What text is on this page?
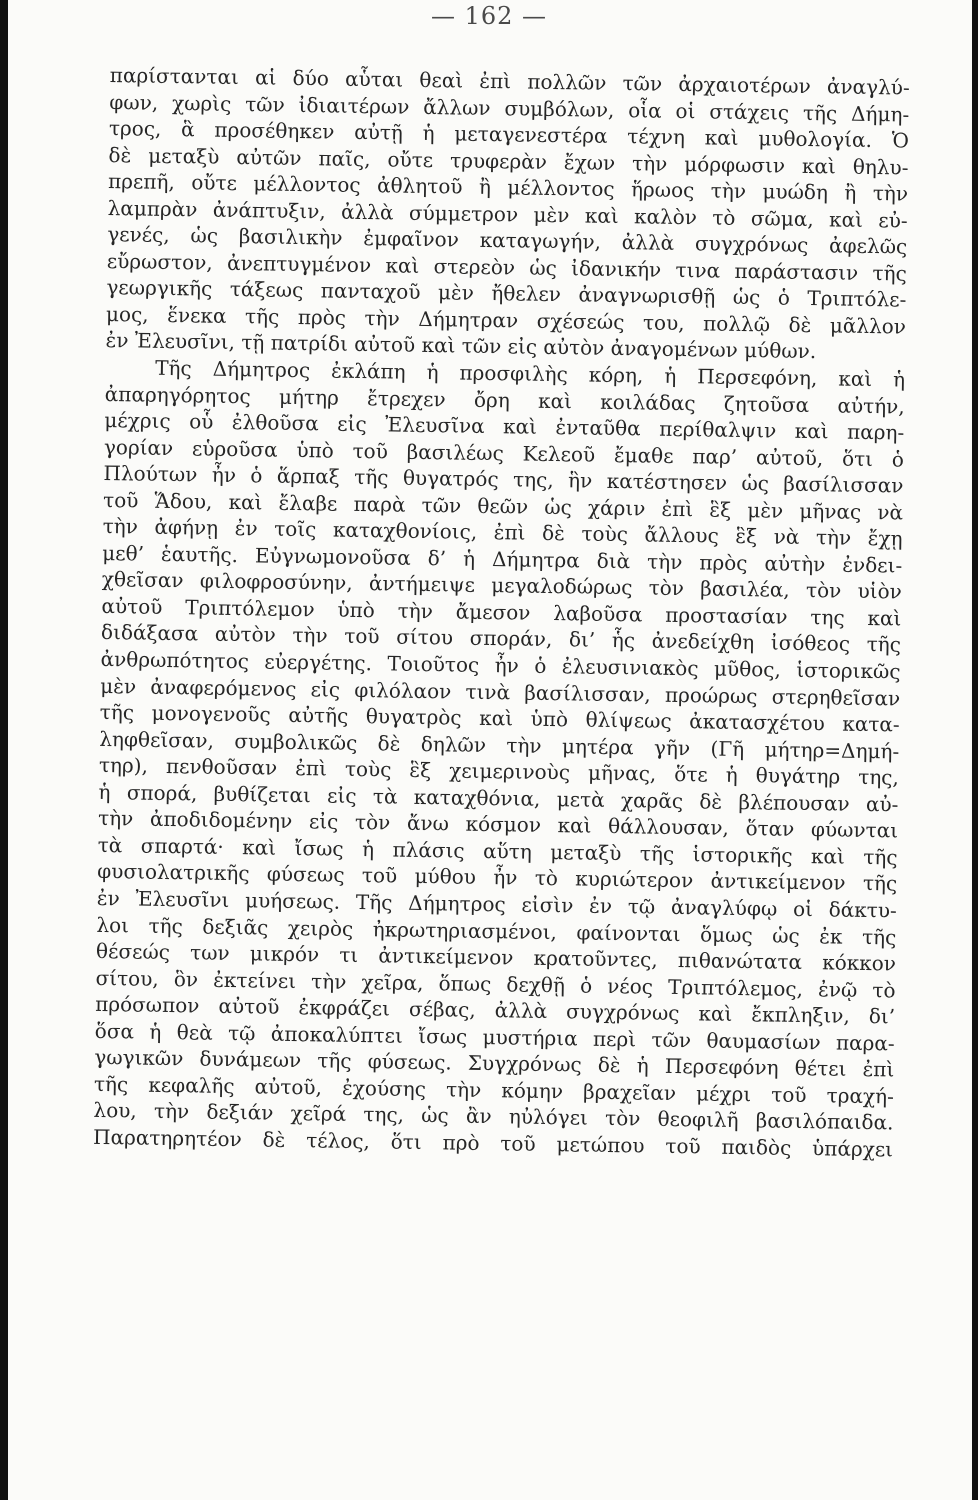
— 162 —
παρίστανται αἱ δύο αὗται θεαὶ ἐπὶ πολλῶν τῶν ἀρχαιοτέρων ἀναγλύ-
φων, χωρὶς τῶν ἰδιαιτέρων ἄλλων συμβόλων, οἷα οἱ στάχεις τῆς Δήμη-
τρος, ἃ προσέθηκεν αὐτῇ ἡ μεταγενεστέρα τέχνη καὶ μυθολογία. Ὁ
δὲ μεταξὺ αὐτῶν παῖς, οὔτε τρυφερὰν ἔχων τὴν μόρφωσιν καὶ θηλυ-
πρεπῆ, οὔτε μέλλοντος ἀθλητοῦ ἢ μέλλοντος ἥρωος τὴν μυώδη ἢ τὴν
λαμπρὰν ἀνάπτυξιν, ἀλλὰ σύμμετρον μὲν καὶ καλὸν τὸ σῶμα, καὶ εὐ-
γενές, ὡς βασιλικὴν ἐμφαῖνον καταγωγήν, ἀλλὰ συγχρόνως ἀφελῶς
εὔρωστον, ἀνεπτυγμένον καὶ στερεὸν ὡς ἰδανικήν τινα παράστασιν τῆς
γεωργικῆς τάξεως πανταχοῦ μὲν ἤθελεν ἀναγνωρισθῇ ὡς ὁ Τριπτόλε-
μος, ἕνεκα τῆς πρὸς τὴν Δήμητραν σχέσεώς του, πολλῷ δὲ μᾶλλον
ἐν Ἐλευσῖνι, τῇ πατρίδι αὐτοῦ καὶ τῶν εἰς αὐτὸν ἀναγομένων μύθων.
Τῆς Δήμητρος ἐκλάπη ἡ προσφιλὴς κόρη, ἡ Περσεφόνη, καὶ ἡ
ἀπαρηγόρητος μήτηρ ἔτρεχεν ὄρη καὶ κοιλάδας ζητοῦσα αὐτήν,
μέχρις οὗ ἐλθοῦσα εἰς Ἐλευσῖνα καὶ ἐνταῦθα περίθαλψιν καὶ παρη-
γορίαν εὑροῦσα ὑπὸ τοῦ βασιλέως Κελεοῦ ἔμαθε παρ’ αὐτοῦ, ὅτι ὁ
Πλούτων ἦν ὁ ἅρπαξ τῆς θυγατρός της, ἣν κατέστησεν ὡς βασίλισσαν
τοῦ Ἅδου, καὶ ἔλαβε παρὰ τῶν θεῶν ὡς χάριν ἐπὶ ἓξ μὲν μῆνας νὰ
τὴν ἀφήνῃ ἐν τοῖς καταχθονίοις, ἐπὶ δὲ τοὺς ἄλλους ἓξ νὰ τὴν ἔχῃ
μεθ’ ἑαυτῆς. Εὐγνωμονοῦσα δ’ ἡ Δήμητρα διὰ τὴν πρὸς αὐτὴν ἐνδει-
χθεῖσαν φιλοφροσύνην, ἀντήμειψε μεγαλοδώρως τὸν βασιλέα, τὸν υἱὸν
αὐτοῦ Τριπτόλεμον ὑπὸ τὴν ἄμεσον λαβοῦσα προστασίαν της καὶ
διδάξασα αὐτὸν τὴν τοῦ σίτου σποράν, δι’ ἧς ἀνεδείχθη ἰσόθεος τῆς
ἀνθρωπότητος εὐεργέτης. Τοιοῦτος ἦν ὁ ἐλευσινιακὸς μῦθος, ἱστορικῶς
μὲν ἀναφερόμενος εἰς φιλόλαον τινὰ βασίλισσαν, προώρως στερηθεῖσαν
τῆς μονογενοῦς αὐτῆς θυγατρὸς καὶ ὑπὸ θλίψεως ἀκατασχέτου κατα-
ληφθεῖσαν, συμβολικῶς δὲ δηλῶν τὴν μητέρα γῆν (Γῆ μήτηρ=Δημή-
τηρ), πενθοῦσαν ἐπὶ τοὺς ἓξ χειμερινοὺς μῆνας, ὅτε ἡ θυγάτηρ της,
ἡ σπορά, βυθίζεται εἰς τὰ καταχθόνια, μετὰ χαρᾶς δὲ βλέπουσαν αὐ-
τὴν ἀποδιδομένην εἰς τὸν ἄνω κόσμον καὶ θάλλουσαν, ὅταν φύωνται
τὰ σπαρτά· καὶ ἴσως ἡ πλάσις αὕτη μεταξὺ τῆς ἱστορικῆς καὶ τῆς
φυσιολατρικῆς φύσεως τοῦ μύθου ἦν τὸ κυριώτερον ἀντικείμενον τῆς
ἐν Ἐλευσῖνι μυήσεως. Τῆς Δήμητρος εἰσὶν ἐν τῷ ἀναγλύφῳ οἱ δάκτυ-
λοι τῆς δεξιᾶς χειρὸς ἠκρωτηριασμένοι, φαίνονται ὅμως ὡς ἐκ τῆς
θέσεώς των μικρόν τι ἀντικείμενον κρατοῦντες, πιθανώτατα κόκκον
σίτου, ὃν ἐκτείνει τὴν χεῖρα, ὅπως δεχθῇ ὁ νέος Τριπτόλεμος, ἐνῷ τὸ
πρόσωπον αὐτοῦ ἐκφράζει σέβας, ἀλλὰ συγχρόνως καὶ ἔκπληξιν, δι’
ὅσα ἡ θεὰ τῷ ἀποκαλύπτει ἴσως μυστήρια περὶ τῶν θαυμασίων παρα-
γωγικῶν δυνάμεων τῆς φύσεως. Συγχρόνως δὲ ἡ Περσεφόνη θέτει ἐπὶ
τῆς κεφαλῆς αὐτοῦ, ἐχούσης τὴν κόμην βραχεῖαν μέχρι τοῦ τραχή-
λου, τὴν δεξιάν χεῖρά της, ὡς ἂν ηὐλόγει τὸν θεοφιλῆ βασιλόπαιδα.
Παρατηρητέον δὲ τέλος, ὅτι πρὸ τοῦ μετώπου τοῦ παιδὸς ὑπάρχει
